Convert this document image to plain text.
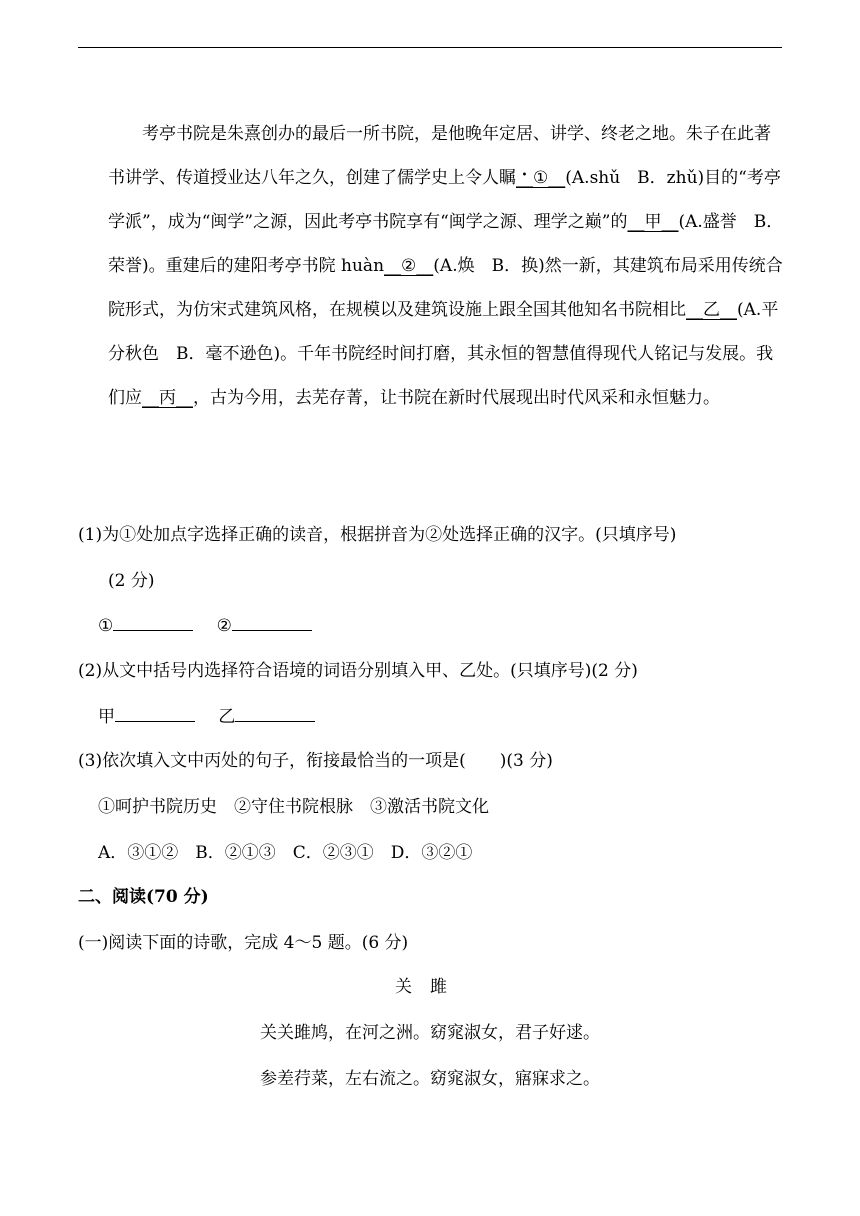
考亭书院是朱熹创办的最后一所书院，是他晚年定居、讲学、终老之地。朱子在此著书讲学、传道授业达八年之久，创建了儒学史上令人瞩 •__①__(A.shǔ　B．zhǔ)目的“考亭学派”，成为“闽学”之源，因此考亭书院享有“闽学之源、理学之巅”的__甲__(A.盛誉　B．荣誉)。重建后的建阳考亭书院 huàn__②__(A.焕　B．换)然一新，其建筑布局采用传统合院形式，为仿宋式建筑风格，在规模以及建筑设施上跟全国其他知名书院相比__乙__(A.平分秋色　B．毫不逊色)。千年书院经时间打磨，其永恒的智慧值得现代人铭记与发展。我们应__丙__，古为今用，去芜存菁，让书院在新时代展现出时代风采和永恒魅力。

(1)为①处加点字选择正确的读音，根据拼音为②处选择正确的汉字。(只填序号)
(2 分)
①	②
(2)从文中括号内选择符合语境的词语分别填入甲、乙处。(只填序号)(2 分)
甲	乙
(3)依次填入文中丙处的句子，衔接最恰当的一项是(　　)(3 分)
①呵护书院历史　②守住书院根脉　③激活书院文化
A．③①②　B．②①③　C．②③①　D．③②①
二、阅读(70 分)
(一)阅读下面的诗歌，完成 4～5 题。(6 分)
关雎
关关雎鸠，在河之洲。窈窕淑女，君子好逑。
参差荇菜，左右流之。窈窕淑女，寤寐求之。
